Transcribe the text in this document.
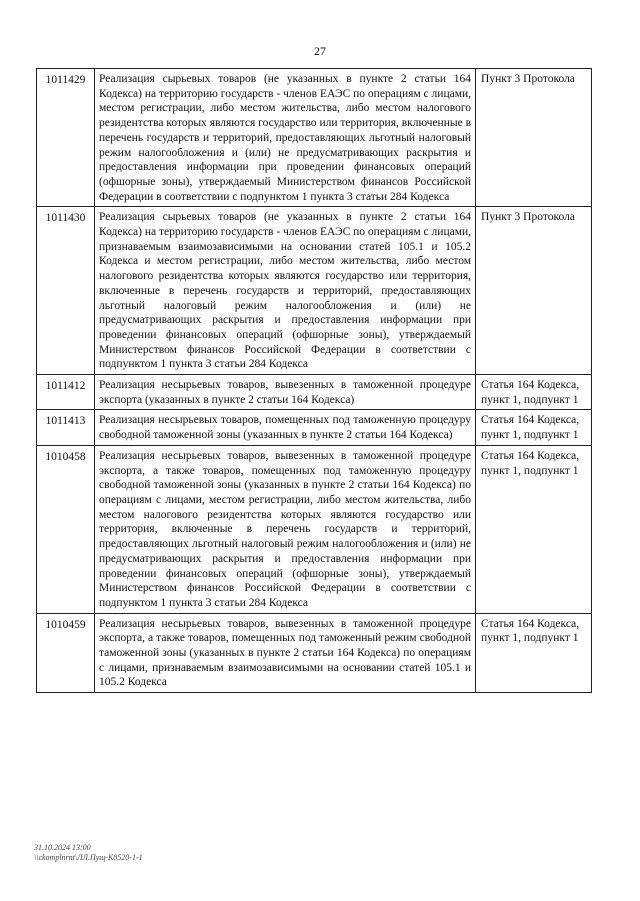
27
1011429	Реализация сырьевых товаров (не указанных в пункте 2 статьи 164 Кодекса) на территорию государств - членов ЕАЭС по операциям с лицами, местом регистрации, либо местом жительства, либо местом налогового резидентства которых являются государство или территория, включенные в перечень государств и территорий, предоставляющих льготный налоговый режим налогообложения и (или) не предусматривающих раскрытия и предоставления информации при проведении финансовых операций (офшорные зоны), утверждаемый Министерством финансов Российской Федерации в соответствии с подпунктом 1 пункта 3 статьи 284 Кодекса	Пункт 3 Протокола
1011430	Реализация сырьевых товаров (не указанных в пункте 2 статьи 164 Кодекса) на территорию государств - членов ЕАЭС по операциям с лицами, признаваемым взаимозависимыми на основании статей 105.1 и 105.2 Кодекса и местом регистрации, либо местом жительства, либо местом налогового резидентства которых являются государство или территория, включенные в перечень государств и территорий, предоставляющих льготный налоговый режим налогообложения и (или) не предусматривающих раскрытия и предоставления информации при проведении финансовых операций (офшорные зоны), утверждаемый Министерством финансов Российской Федерации в соответствии с подпунктом 1 пункта 3 статьи 284 Кодекса	Пункт 3 Протокола
1011412	Реализация несырьевых товаров, вывезенных в таможенной процедуре экспорта (указанных в пункте 2 статьи 164 Кодекса)	Статья 164 Кодекса, пункт 1, подпункт 1
1011413	Реализация несырьевых товаров, помещенных под таможенную процедуру свободной таможенной зоны (указанных в пункте 2 статьи 164 Кодекса)	Статья 164 Кодекса, пункт 1, подпункт 1
1010458	Реализация несырьевых товаров, вывезенных в таможенной процедуре экспорта, а также товаров, помещенных под таможенную процедуру свободной таможенной зоны (указанных в пункте 2 статьи 164 Кодекса) по операциям с лицами, местом регистрации, либо местом жительства, либо местом налогового резидентства которых являются государство или территория, включенные в перечень государств и территорий, предоставляющих льготный налоговый режим налогообложения и (или) не предусматривающих раскрытия и предоставления информации при проведении финансовых операций (офшорные зоны), утверждаемый Министерством финансов Российской Федерации в соответствии с подпунктом 1 пункта 3 статьи 284 Кодекса	Статья 164 Кодекса, пункт 1, подпункт 1
1010459	Реализация несырьевых товаров, вывезенных в таможенной процедуре экспорта, а также товаров, помещенных под таможенный режим свободной таможенной зоны (указанных в пункте 2 статьи 164 Кодекса) по операциям с лицами, признаваемым взаимозависимыми на основании статей 105.1 и 105.2 Кодекса	Статья 164 Кодекса, пункт 1, подпункт 1
31.10.2024 13:00
\\ckomplnrnt\ЛЛ.Пущ-К8520-1-1
